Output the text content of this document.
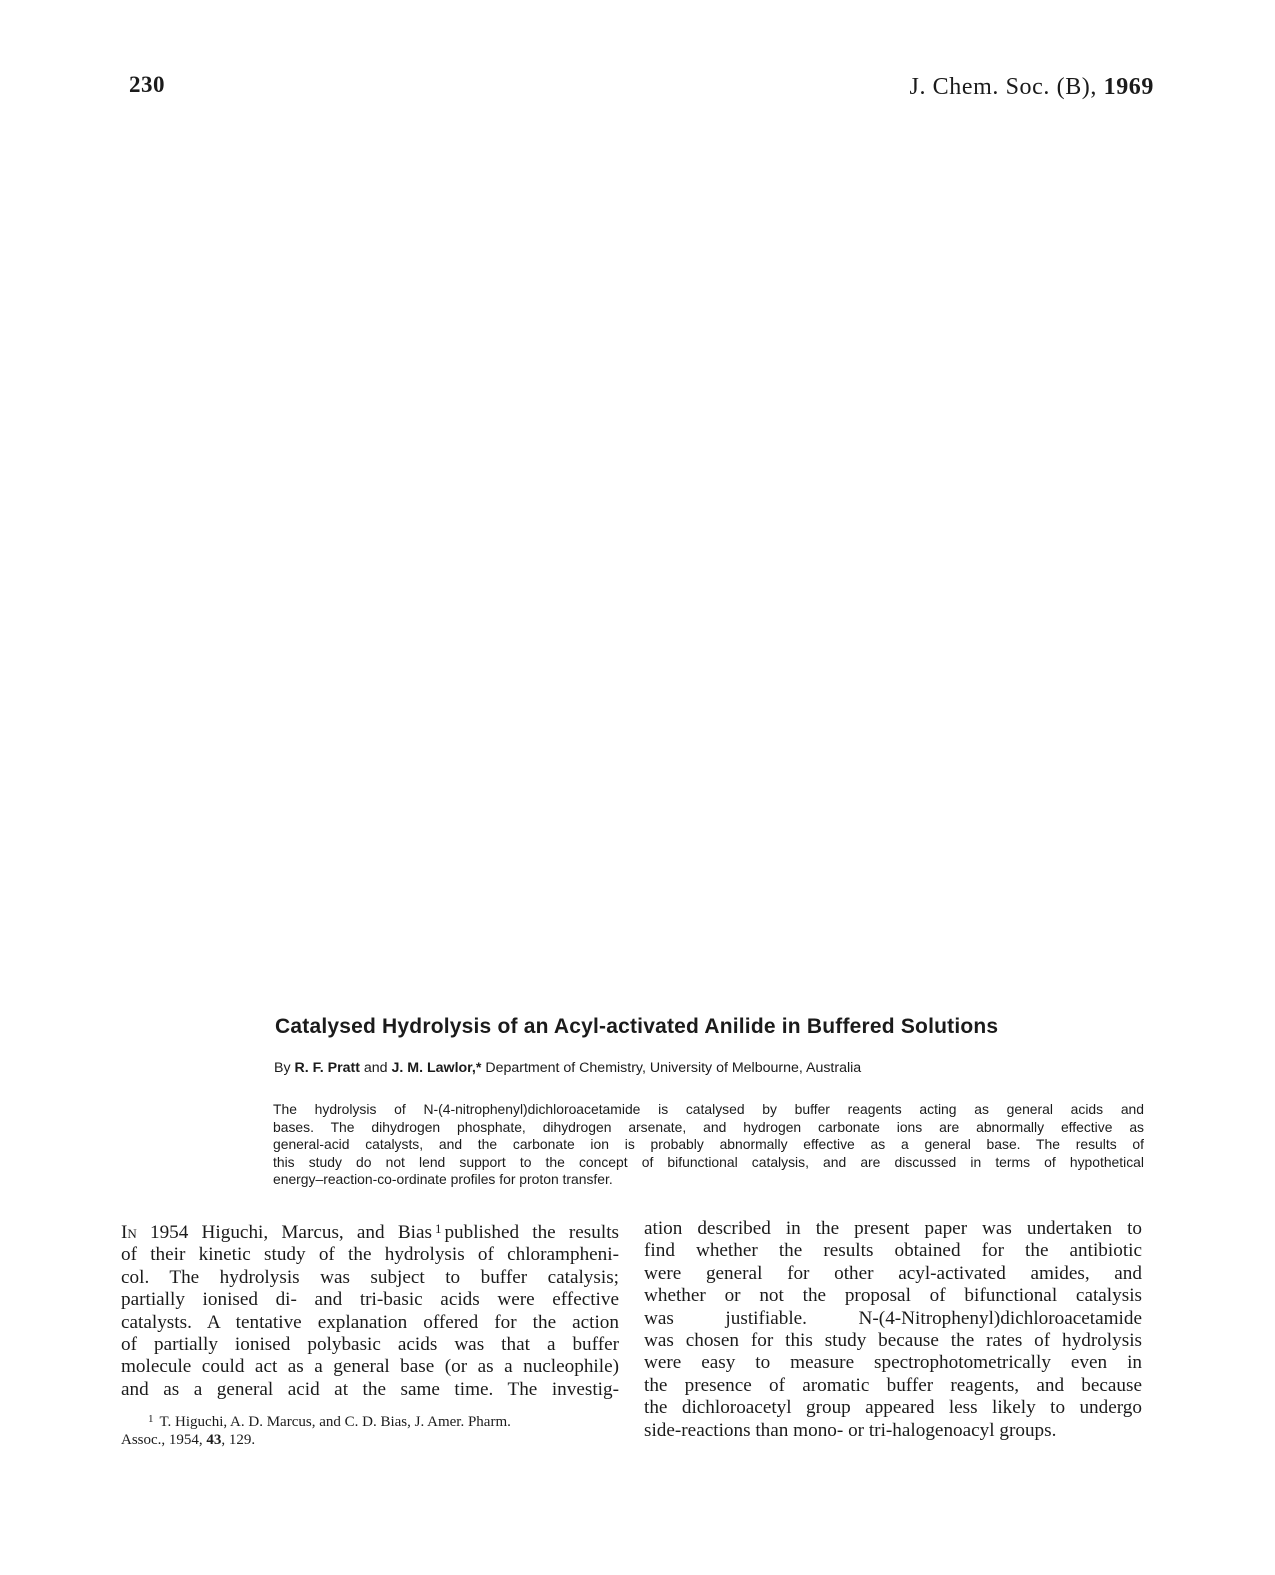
230	J. Chem. Soc. (B), 1969
Catalysed Hydrolysis of an Acyl-activated Anilide in Buffered Solutions
By R. F. Pratt and J. M. Lawlor,* Department of Chemistry, University of Melbourne, Australia

The hydrolysis of N-(4-nitrophenyl)dichloroacetamide is catalysed by buffer reagents acting as general acids and
bases. The dihydrogen phosphate, dihydrogen arsenate, and hydrogen carbonate ions are abnormally effective as
general-acid catalysts, and the carbonate ion is probably abnormally effective as a general base. The results of
this study do not lend support to the concept of bifunctional catalysis, and are discussed in terms of hypothetical
energy–reaction-co-ordinate profiles for proton transfer.

In 1954 Higuchi, Marcus, and Bias $^1$ published the results
of their kinetic study of the hydrolysis of chlorampheni-
col. The hydrolysis was subject to buffer catalysis;
partially ionised di- and tri-basic acids were effective
catalysts. A tentative explanation offered for the action
of partially ionised polybasic acids was that a buffer
molecule could act as a general base (or as a nucleophile)
and as a general acid at the same time. The investig-
$^1$ T. Higuchi, A. D. Marcus, and C. D. Bias, J. Amer. Pharm.
Assoc., 1954, 43, 129.
ation described in the present paper was undertaken to
find whether the results obtained for the antibiotic
were general for other acyl-activated amides, and
whether or not the proposal of bifunctional catalysis
was justifiable. N-(4-Nitrophenyl)dichloroacetamide
was chosen for this study because the rates of hydrolysis
were easy to measure spectrophotometrically even in
the presence of aromatic buffer reagents, and because
the dichloroacetyl group appeared less likely to undergo
side-reactions than mono- or tri-halogenoacyl groups.
